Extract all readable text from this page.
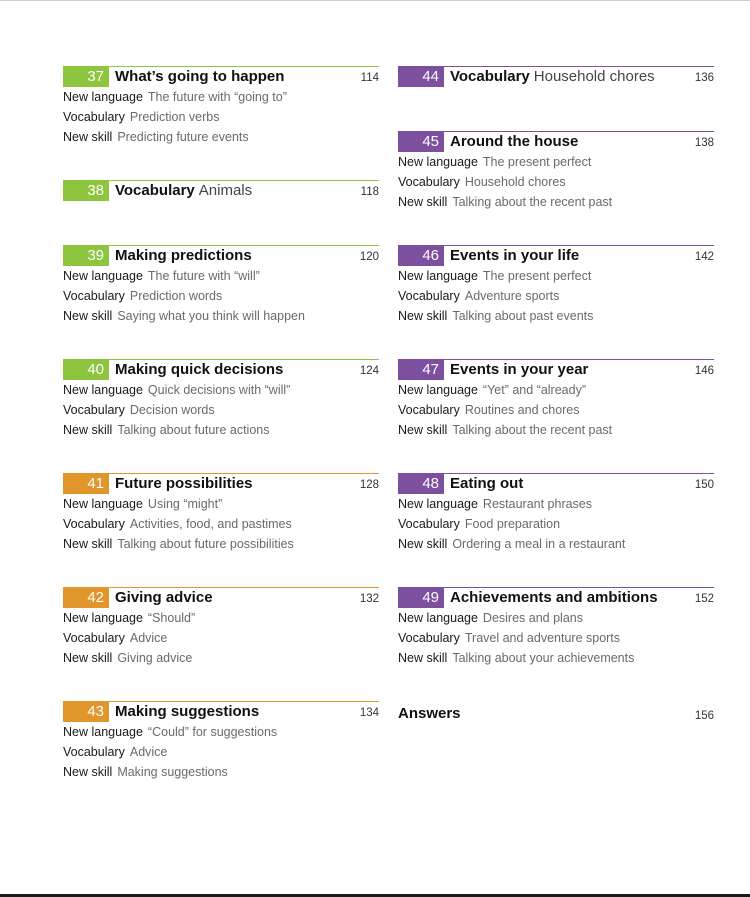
37 What’s going to happen	114
New language The future with “going to”
Vocabulary Prediction verbs
New skill Predicting future events
38 Vocabulary Animals	118
39 Making predictions	120
New language The future with “will”
Vocabulary Prediction words
New skill Saying what you think will happen
40 Making quick decisions	124
New language Quick decisions with “will”
Vocabulary Decision words
New skill Talking about future actions
41 Future possibilities	128
New language Using “might”
Vocabulary Activities, food, and pastimes
New skill Talking about future possibilities
42 Giving advice	132
New language “Should”
Vocabulary Advice
New skill Giving advice
43 Making suggestions	134
New language “Could” for suggestions
Vocabulary Advice
New skill Making suggestions
44 Vocabulary Household chores	136
45 Around the house	138
New language The present perfect
Vocabulary Household chores
New skill Talking about the recent past
46 Events in your life	142
New language The present perfect
Vocabulary Adventure sports
New skill Talking about past events
47 Events in your year	146
New language “Yet” and “already”
Vocabulary Routines and chores
New skill Talking about the recent past
48 Eating out	150
New language Restaurant phrases
Vocabulary Food preparation
New skill Ordering a meal in a restaurant
49 Achievements and ambitions	152
New language Desires and plans
Vocabulary Travel and adventure sports
New skill Talking about your achievements
Answers	156
